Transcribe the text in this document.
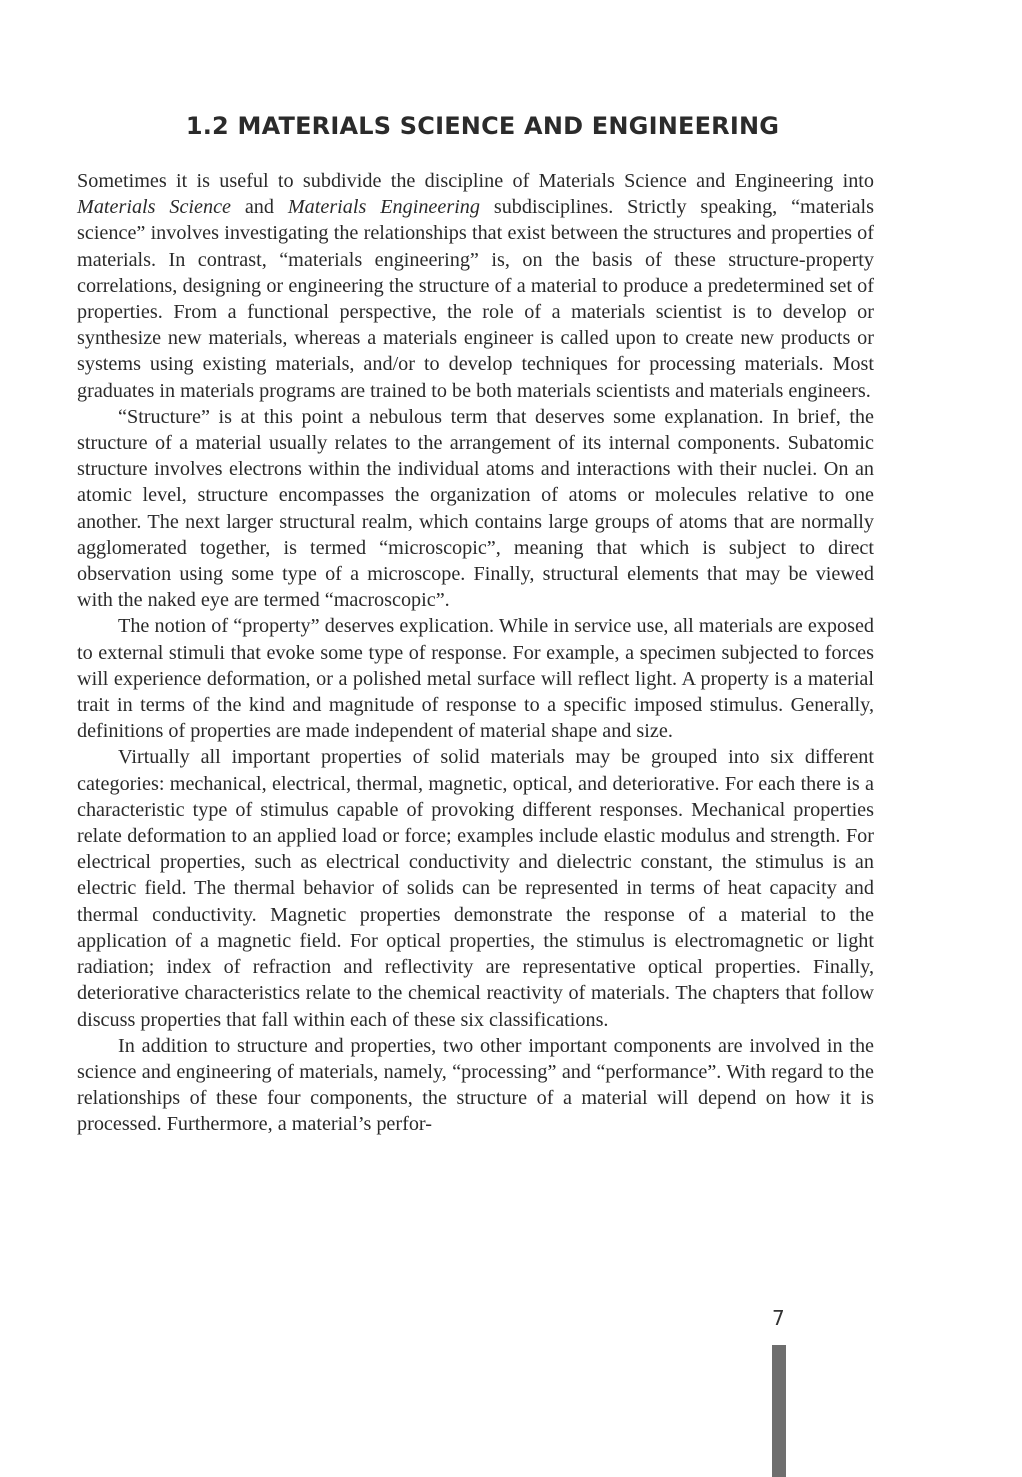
1.2 MATERIALS SCIENCE AND ENGINEERING

Sometimes it is useful to subdivide the discipline of Materials Science and Engineering into Materials Science and Materials Engineering subdisciplines. Strictly speaking, “materials science” involves investigating the relationships that exist between the structures and properties of materials. In contrast, “materials engineering” is, on the basis of these structure-property correlations, designing or engineering the structure of a material to produce a predetermined set of properties. From a functional perspective, the role of a materials scientist is to develop or synthesize new materials, whereas a materials engineer is called upon to create new products or systems using existing materials, and/or to develop techniques for processing materials. Most graduates in materials programs are trained to be both materials scientists and materials engineers.

“Structure” is at this point a nebulous term that deserves some explanation. In brief, the structure of a material usually relates to the arrangement of its internal components. Subatomic structure involves electrons within the individual atoms and interactions with their nuclei. On an atomic level, structure encompasses the organization of atoms or molecules relative to one another. The next larger structural realm, which contains large groups of atoms that are normally agglomerated together, is termed “microscopic”, meaning that which is subject to direct observation using some type of a microscope. Finally, structural elements that may be viewed with the naked eye are termed “macroscopic”.

The notion of “property” deserves explication. While in service use, all materials are exposed to external stimuli that evoke some type of response. For example, a specimen subjected to forces will experience deformation, or a polished metal surface will reflect light. A property is a material trait in terms of the kind and magnitude of response to a specific imposed stimulus. Generally, definitions of properties are made independent of material shape and size.

Virtually all important properties of solid materials may be grouped into six different categories: mechanical, electrical, thermal, magnetic, optical, and deteriorative. For each there is a characteristic type of stimulus capable of provoking different responses. Mechanical properties relate deformation to an applied load or force; examples include elastic modulus and strength. For electrical properties, such as electrical conductivity and dielectric constant, the stimulus is an electric field. The thermal behavior of solids can be represented in terms of heat capacity and thermal conductivity. Magnetic properties demonstrate the response of a material to the application of a magnetic field. For optical properties, the stimulus is electromagnetic or light radiation; index of refraction and reflectivity are representative optical properties. Finally, deteriorative characteristics relate to the chemical reactivity of materials. The chapters that follow discuss properties that fall within each of these six classifications.

In addition to structure and properties, two other important components are involved in the science and engineering of materials, namely, “processing” and “performance”. With regard to the relationships of these four components, the structure of a material will depend on how it is processed. Furthermore, a material’s perfor-

7
